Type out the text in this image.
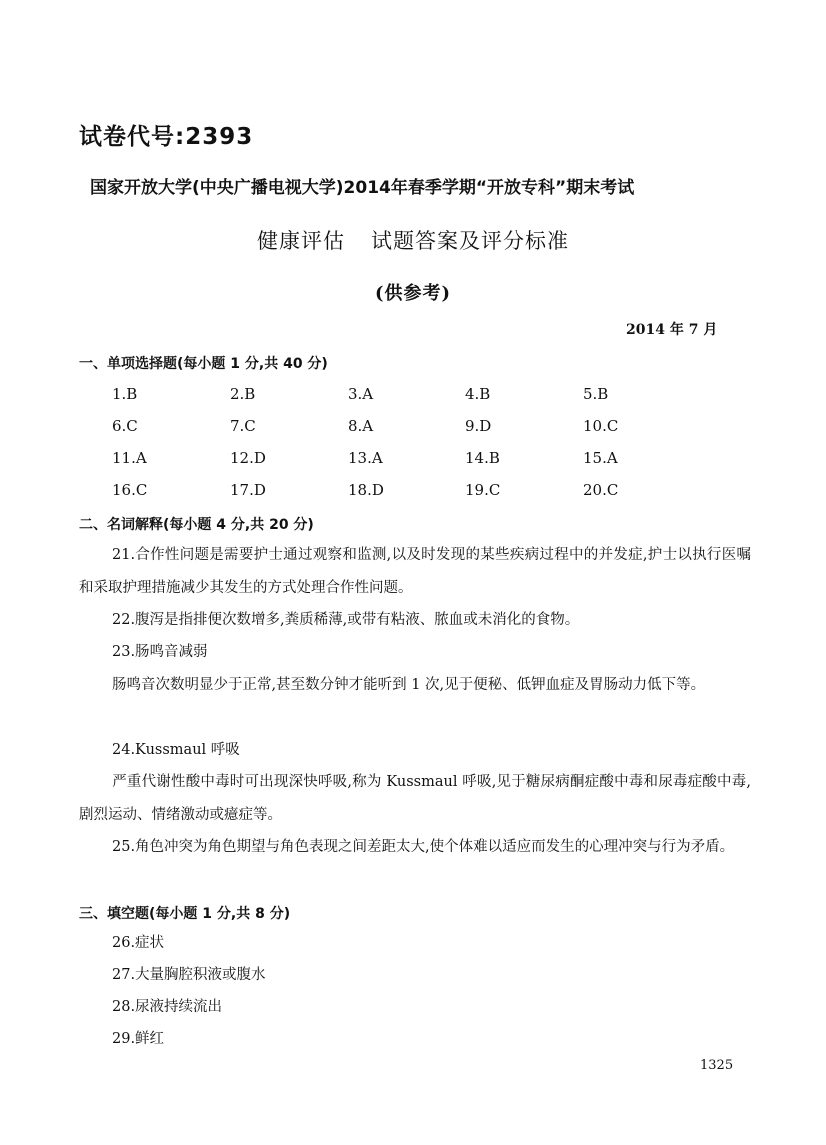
试卷代号:2393
国家开放大学(中央广播电视大学)2014年春季学期“开放专科”期末考试
健康评估 试题答案及评分标准
(供参考)
2014 年 7 月
一、单项选择题(每小题 1 分,共 40 分)
1.B	2.B	3.A	4.B	5.B
6.C	7.C	8.A	9.D	10.C
11.A	12.D	13.A	14.B	15.A
16.C	17.D	18.D	19.C	20.C
二、名词解释(每小题 4 分,共 20 分)
21.合作性问题是需要护士通过观察和监测,以及时发现的某些疾病过程中的并发症,护士以执行医嘱和采取护理措施减少其发生的方式处理合作性问题。
22.腹泻是指排便次数增多,粪质稀薄,或带有粘液、脓血或未消化的食物。
23.肠鸣音减弱
肠鸣音次数明显少于正常,甚至数分钟才能听到 1 次,见于便秘、低钾血症及胃肠动力低下等。
24.Kussmaul 呼吸
严重代谢性酸中毒时可出现深快呼吸,称为 Kussmaul 呼吸,见于糖尿病酮症酸中毒和尿毒症酸中毒,剧烈运动、情绪激动或癔症等。
25.角色冲突为角色期望与角色表现之间差距太大,使个体难以适应而发生的心理冲突与行为矛盾。
三、填空题(每小题 1 分,共 8 分)
26.症状
27.大量胸腔积液或腹水
28.尿液持续流出
29.鲜红
1325
